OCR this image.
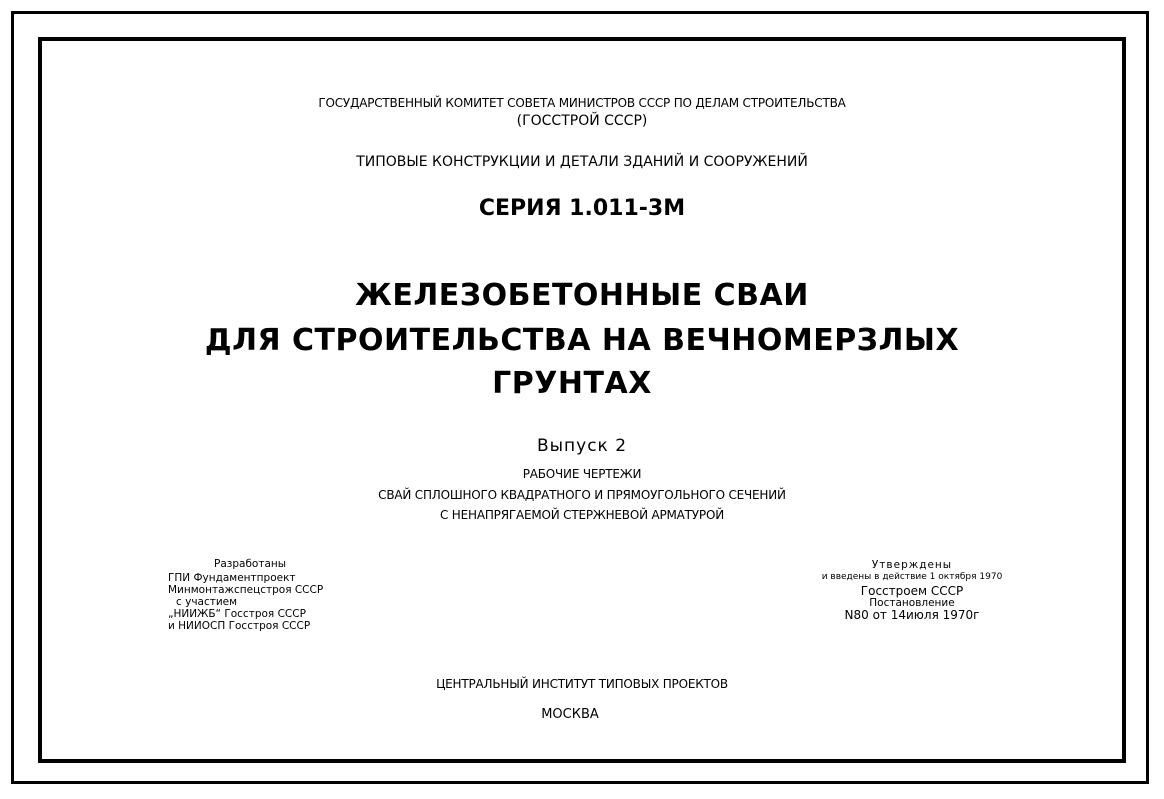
ГОСУДАРСТВЕННЫЙ КОМИТЕТ СОВЕТА МИНИСТРОВ СССР ПО ДЕЛАМ СТРОИТЕЛЬСТВА
(ГОССТРОЙ СССР)
ТИПОВЫЕ КОНСТРУКЦИИ И ДЕТАЛИ ЗДАНИЙ И СООРУЖЕНИЙ
СЕРИЯ 1.011-3М
ЖЕЛЕЗОБЕТОННЫЕ СВАИ
ДЛЯ СТРОИТЕЛЬСТВА НА ВЕЧНОМЕРЗЛЫХ
ГРУНТАХ
Выпуск 2
РАБОЧИЕ ЧЕРТЕЖИ
СВАЙ СПЛОШНОГО КВАДРАТНОГО И ПРЯМОУГОЛЬНОГО СЕЧЕНИЙ
С НЕНАПРЯГАЕМОЙ СТЕРЖНЕВОЙ АРМАТУРОЙ
Разработаны
ГПИ Фундаментпроект
Минмонтажспецстроя СССР
с участием
„НИИЖБ“ Госстроя СССР
и НИИОСП Госстроя СССР
Утверждены
и введены в действие 1 октября 1970
Госстроем СССР
Постановление
N80 от 14июля 1970г
ЦЕНТРАЛЬНЫЙ ИНСТИТУТ ТИПОВЫХ ПРОЕКТОВ
МОСКВА
